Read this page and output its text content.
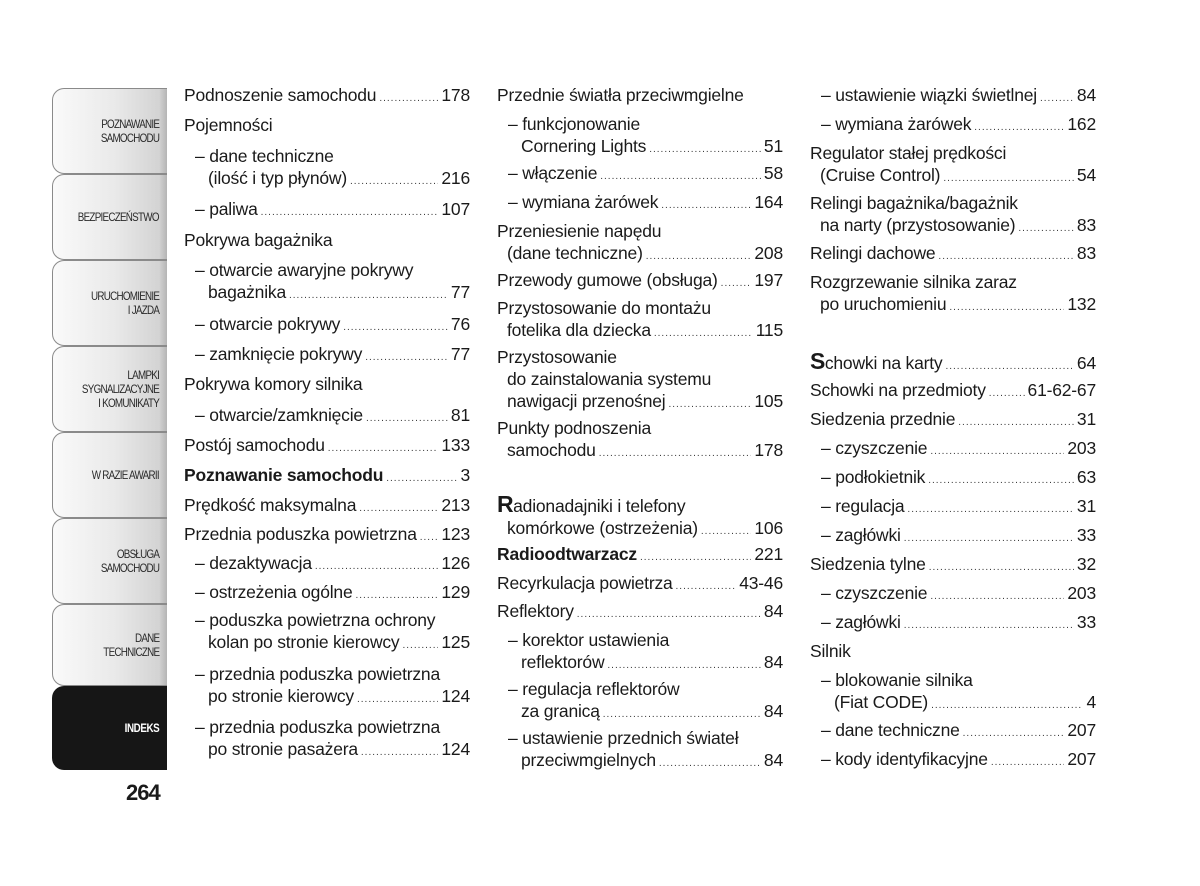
POZNAWANIE
SAMOCHODU
BEZPIECZEŃSTWO
URUCHOMIENIE
I JAZDA
LAMPKI
SYGNALIZACYJNE
I KOMUNIKATY
W RAZIE AWARII
OBSŁUGA
SAMOCHODU
DANE
TECHNICZNE
INDEKS
264
Podnoszenie samochodu .....	178
Pojemności
– dane techniczne
(ilość i typ płynów) .....	216
– paliwa .....	107
Pokrywa bagażnika
– otwarcie awaryjne pokrywy
bagażnika .....	77
– otwarcie pokrywy .....	76
– zamknięcie pokrywy .....	77
Pokrywa komory silnika
– otwarcie/zamknięcie .....	81
Postój samochodu .....	133
Poznawanie samochodu .....	3
Prędkość maksymalna .....	213
Przednia poduszka powietrzna ..... 123
– dezaktywacja .....	126
– ostrzeżenia ogólne .....	129
– poduszka powietrzna ochrony
kolan po stronie kierowcy ..... 125
– przednia poduszka powietrzna
po stronie kierowcy .....	124
– przednia poduszka powietrzna
po stronie pasażera .....	124
Przednie światła przeciwmgielne
– funkcjonowanie
Cornering Lights .....	51
– włączenie .....	58
– wymiana żarówek .....	164
Przeniesienie napędu
(dane techniczne) .....	208
Przewody gumowe (obsługa) ..... 197
Przystosowanie do montażu
fotelika dla dziecka .....	115
Przystosowanie
do zainstalowania systemu
nawigacji przenośnej .....	105
Punkty podnoszenia
samochodu .....	178
Radionadajniki i telefony
komórkowe (ostrzeżenia) .....	106
Radioodtwarzacz .....	221
Recyrkulacja powietrza .....	43-46
Reflektory .....	84
– korektor ustawienia
reflektorów .....	84
– regulacja reflektorów
za granicą .....	84
– ustawienie przednich świateł
przeciwmgielnych .....	84
– ustawienie wiązki świetlnej ..... 84
– wymiana żarówek .....	162
Regulator stałej prędkości
(Cruise Control) .....	54
Relingi bagażnika/bagażnik
na narty (przystosowanie) .....	83
Relingi dachowe .....	83
Rozgrzewanie silnika zaraz
po uruchomieniu .....	132
Schowki na karty .....	64
Schowki na przedmioty ..... 61-62-67
Siedzenia przednie .....	31
– czyszczenie .....	203
– podłokietnik .....	63
– regulacja .....	31
– zagłówki .....	33
Siedzenia tylne .....	32
– czyszczenie .....	203
– zagłówki .....	33
Silnik
– blokowanie silnika
(Fiat CODE) .....	4
– dane techniczne .....	207
– kody identyfikacyjne .....	207
